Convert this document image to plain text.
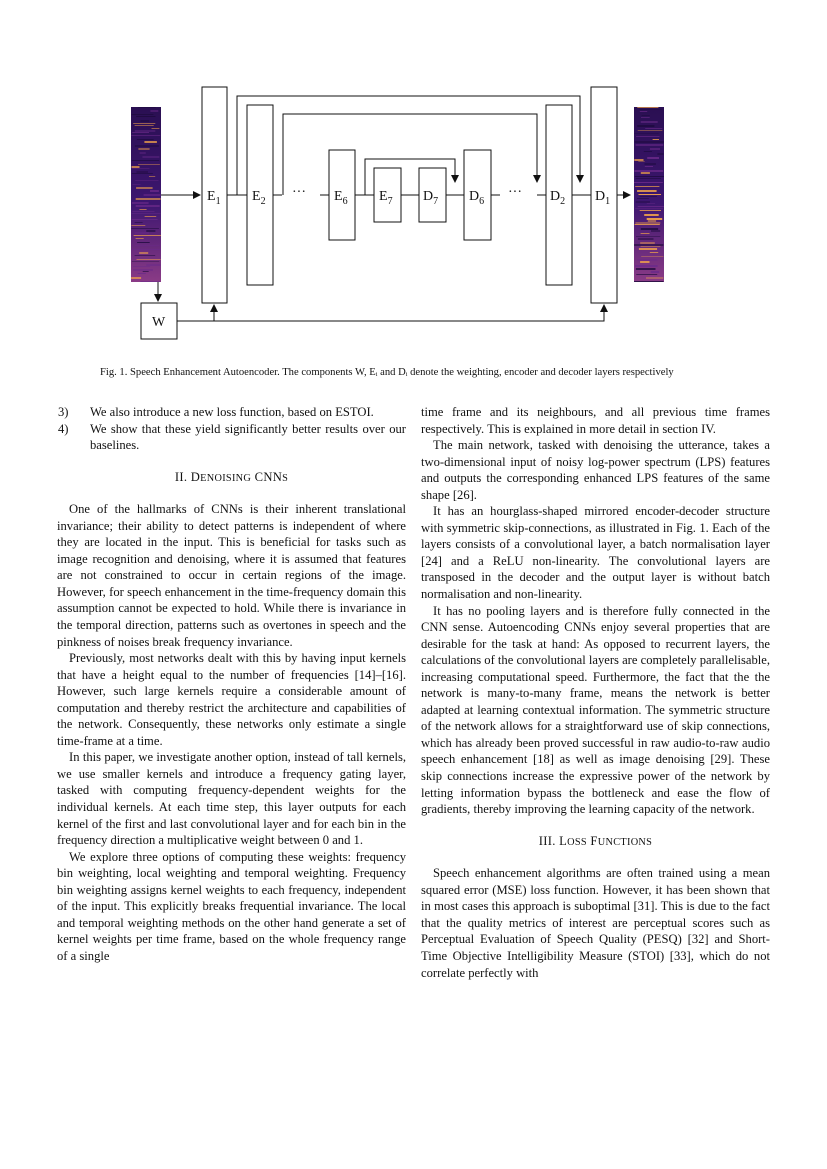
$E_1$ $E_2$	$E_6$ $E_7$ $D_7$ $D_6$	$D_2$ $D_1$
W
···	···
Fig. 1. Speech Enhancement Autoencoder. The components W, Eᵢ and Dᵢ denote the weighting, encoder and decoder layers respectively
3)	We also introduce a new loss function, based on ESTOI.
4)	We show that these yield significantly better results over our baselines.
II. DENOISING CNNS

One of the hallmarks of CNNs is their inherent translational invariance; their ability to detect patterns is independent of where they are located in the input. This is beneficial for tasks such as image recognition and denoising, where it is assumed that features are not constrained to occur in certain regions of the image. However, for speech enhancement in the time-frequency domain this assumption cannot be expected to hold. While there is invariance in the temporal direction, patterns such as overtones in speech and the pinkness of noises break frequency invariance.

Previously, most networks dealt with this by having input kernels that have a height equal to the number of frequencies [14]–[16]. However, such large kernels require a considerable amount of computation and thereby restrict the architecture and capabilities of the network. Consequently, these networks only estimate a single time-frame at a time.

In this paper, we investigate another option, instead of tall kernels, we use smaller kernels and introduce a frequency gating layer, tasked with computing frequency-dependent weights for the individual kernels. At each time step, this layer outputs for each kernel of the first and last convolutional layer and for each bin in the frequency direction a multiplicative weight between 0 and 1.

We explore three options of computing these weights: frequency bin weighting, local weighting and temporal weighting. Frequency bin weighting assigns kernel weights to each frequency, independent of the input. This explicitly breaks frequential invariance. The local and temporal weighting methods on the other hand generate a set of kernel weights per time frame, based on the whole frequency range of a single

time frame and its neighbours, and all previous time frames respectively. This is explained in more detail in section IV.

The main network, tasked with denoising the utterance, takes a two-dimensional input of noisy log-power spectrum (LPS) features and outputs the corresponding enhanced LPS features of the same shape [26].

It has an hourglass-shaped mirrored encoder-decoder structure with symmetric skip-connections, as illustrated in Fig. 1. Each of the layers consists of a convolutional layer, a batch normalisation layer [24] and a ReLU non-linearity. The convolutional layers are transposed in the decoder and the output layer is without batch normalisation and non-linearity.

It has no pooling layers and is therefore fully connected in the CNN sense. Autoencoding CNNs enjoy several properties that are desirable for the task at hand: As opposed to recurrent layers, the calculations of the convolutional layers are completely parallelisable, increasing computational speed. Furthermore, the fact that the the network is many-to-many frame, means the network is better adapted at learning contextual information. The symmetric structure of the network allows for a straightforward use of skip connections, which has already been proved successful in raw audio-to-raw audio speech enhancement [18] as well as image denoising [29]. These skip connections increase the expressive power of the network by letting information bypass the bottleneck and ease the flow of gradients, thereby improving the learning capacity of the network.

III. LOSS FUNCTIONS

Speech enhancement algorithms are often trained using a mean squared error (MSE) loss function. However, it has been shown that in most cases this approach is suboptimal [31]. This is due to the fact that the quality metrics of interest are perceptual scores such as Perceptual Evaluation of Speech Quality (PESQ) [32] and Short-Time Objective Intelligibility Measure (STOI) [33], which do not correlate perfectly with
